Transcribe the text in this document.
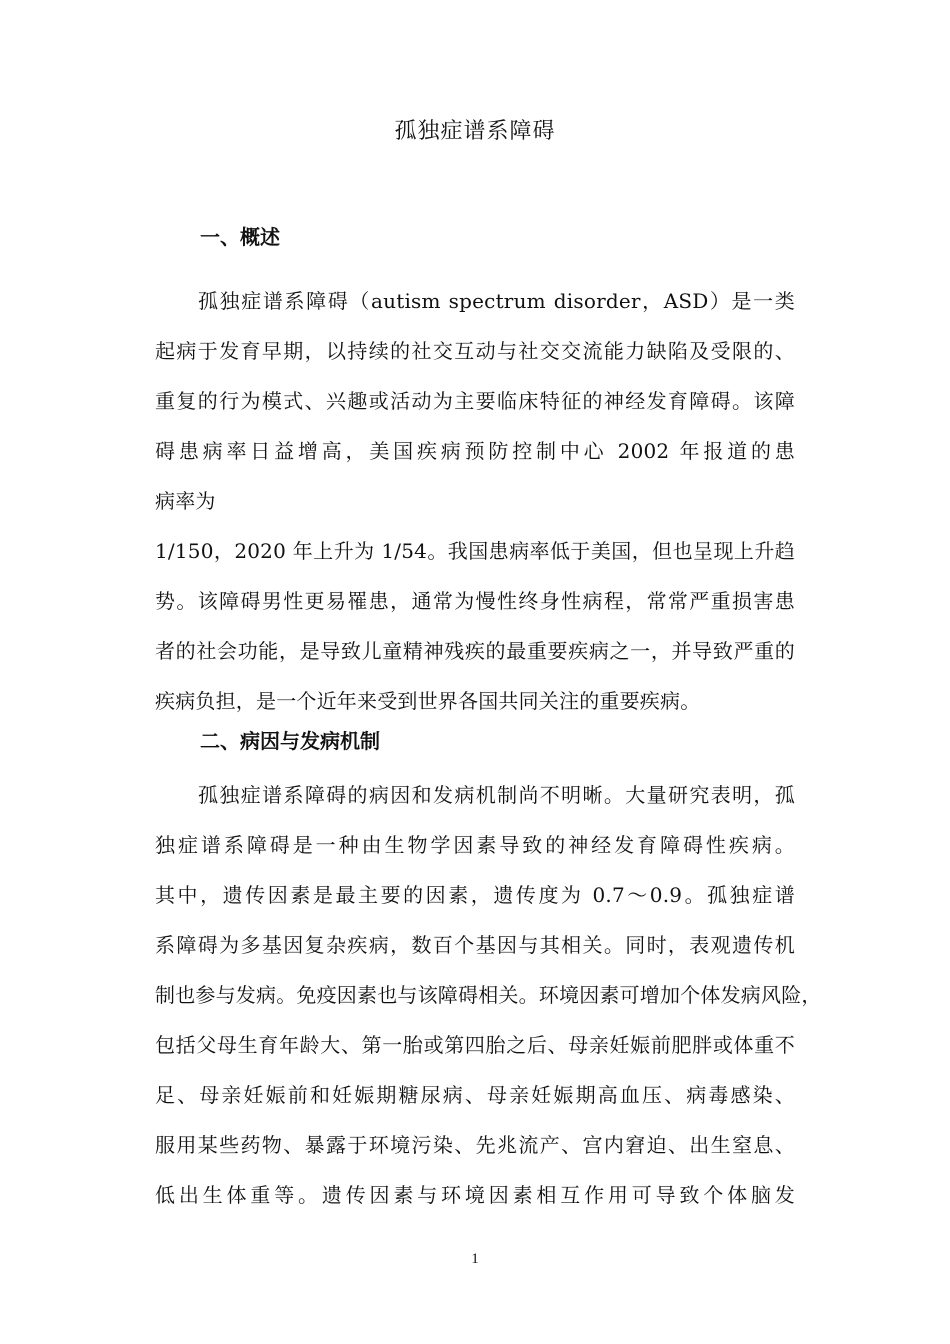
孤独症谱系障碍
一、概述
孤独症谱系障碍（autism spectrum disorder，ASD）是一类
起病于发育早期，以持续的社交互动与社交交流能力缺陷及受限的、
重复的行为模式、兴趣或活动为主要临床特征的神经发育障碍。该障
碍患病率日益增高，美国疾病预防控制中心 2002 年报道的患
病率为
1/150，2020 年上升为 1/54。我国患病率低于美国，但也呈现上升趋
势。该障碍男性更易罹患，通常为慢性终身性病程，常常严重损害患
者的社会功能，是导致儿童精神残疾的最重要疾病之一，并导致严重的
疾病负担，是一个近年来受到世界各国共同关注的重要疾病。
二、病因与发病机制
孤独症谱系障碍的病因和发病机制尚不明晰。大量研究表明，孤
独症谱系障碍是一种由生物学因素导致的神经发育障碍性疾病。
其中，遗传因素是最主要的因素，遗传度为 0.7～0.9。孤独症谱
系障碍为多基因复杂疾病，数百个基因与其相关。同时，表观遗传机
制也参与发病。免疫因素也与该障碍相关。环境因素可增加个体发病风险，
包括父母生育年龄大、第一胎或第四胎之后、母亲妊娠前肥胖或体重不
足、母亲妊娠前和妊娠期糖尿病、母亲妊娠期高血压、病毒感染、
服用某些药物、暴露于环境污染、先兆流产、宫内窘迫、出生窒息、
低出生体重等。遗传因素与环境因素相互作用可导致个体脑发
1
